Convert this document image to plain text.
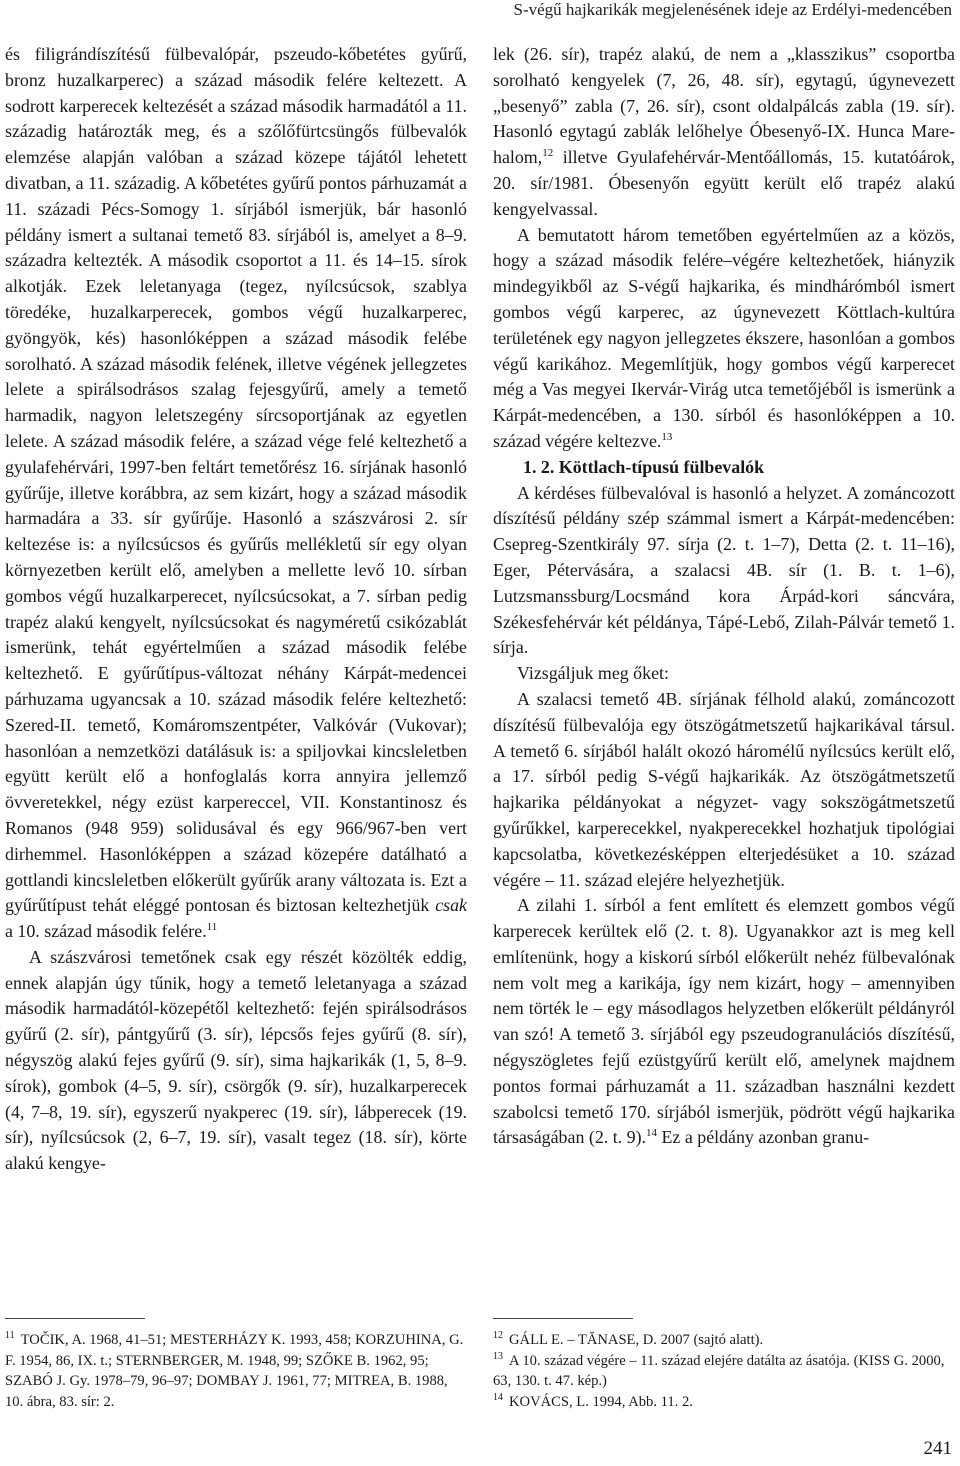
S-végű hajkarikák megjelenésének ideje az Erdélyi-medencében

és filigrándíszítésű fülbevalópár, pszeudo-kőbetétes gyűrű, bronz huzalkarperec) a század második felére keltezett. A sodrott karperecek keltezését a század második harmadától a 11. századig határozták meg, és a szőlőfürtcsüngős fülbevalók elemzése alapján valóban a század közepe tájától lehetett divatban, a 11. századig. A kőbetétes gyűrű pontos párhuzamát a 11. századi Pécs-Somogy 1. sírjából ismerjük, bár hasonló példány ismert a sultanai temető 83. sírjából is, amelyet a 8–9. századra keltezték. A második csoportot a 11. és 14–15. sírok alkotják. Ezek leletanyaga (tegez, nyílcsúcsok, szablya töredéke, huzalkarperecek, gombos végű huzalkarperec, gyöngyök, kés) hasonlóképpen a század második felébe sorolható. A század második felének, illetve végének jellegzetes lelete a spirálsodrásos szalag fejesgyűrű, amely a temető harmadik, nagyon leletszegény sírcsoportjának az egyetlen lelete. A század második felére, a század vége felé keltezhető a gyulafehérvári, 1997-ben feltárt temetőrész 16. sírjának hasonló gyűrűje, illetve korábbra, az sem kizárt, hogy a század második harmadára a 33. sír gyűrűje. Hasonló a szászvárosi 2. sír keltezése is: a nyílcsúcsos és gyűrűs mellékletű sír egy olyan környezetben került elő, amelyben a mellette levő 10. sírban gombos végű huzalkarperecet, nyílcsúcsokat, a 7. sírban pedig trapéz alakú kengyelt, nyílcsúcsokat és nagyméretű csikózablát ismerünk, tehát egyértelműen a század második felébe keltezhető. E gyűrűtípus-változat néhány Kárpát-medencei párhuzama ugyancsak a 10. század második felére keltezhető: Szered-II. temető, Komáromszentpéter, Valkóvár (Vukovar); hasonlóan a nemzetközi datálásuk is: a spiljovkai kincsleletben együtt került elő a honfoglalás korra annyira jellemző övveretekkel, négy ezüst karpereccel, VII. Konstantinosz és Romanos (948 959) solidusával és egy 966/967-ben vert dirhemmel. Hasonlóképpen a század közepére datálható a gottlandi kincsleletben előkerült gyűrűk arany változata is. Ezt a gyűrűtípust tehát eléggé pontosan és biztosan keltezhetjük csak a 10. század második felére.$^{11}$

A szászvárosi temetőnek csak egy részét közölték eddig, ennek alapján úgy tűnik, hogy a temető leletanyaga a század második harmadától-közepétől keltezhető: fején spirálsodrásos gyűrű (2. sír), pántgyűrű (3. sír), lépcsős fejes gyűrű (8. sír), négyszög alakú fejes gyűrű (9. sír), sima hajkarikák (1, 5, 8–9. sírok), gombok (4–5, 9. sír), csörgők (9. sír), huzalkarperecek (4, 7–8, 19. sír), egyszerű nyakperec (19. sír), lábperecek (19. sír), nyílcsúcsok (2, 6–7, 19. sír), vasalt tegez (18. sír), körte alakú kengye-

lek (26. sír), trapéz alakú, de nem a „klasszikus” csoportba sorolható kengyelek (7, 26, 48. sír), egytagú, úgynevezett „besenyő” zabla (7, 26. sír), csont oldalpálcás zabla (19. sír). Hasonló egytagú zablák lelőhelye Óbesenyő-IX. Hunca Mare-halom,$^{12}$ illetve Gyulafehérvár-Mentőállomás, 15. kutatóárok, 20. sír/1981. Óbesenyőn együtt került elő trapéz alakú kengyelvassal.

A bemutatott három temetőben egyértelműen az a közös, hogy a század második felére–végére keltezhetőek, hiányzik mindegyikből az S-végű hajkarika, és mindhárómból ismert gombos végű karperec, az úgynevezett Köttlach-kultúra területének egy nagyon jellegzetes ékszere, hasonlóan a gombos végű karikához. Megemlítjük, hogy gombos végű karperecet még a Vas megyei Ikervár-Virág utca temetőjéből is ismerünk a Kárpát-medencében, a 130. sírból és hasonlóképpen a 10. század végére keltezve.$^{13}$

1. 2. Köttlach-típusú fülbevalók

A kérdéses fülbevalóval is hasonló a helyzet. A zománcozott díszítésű példány szép számmal ismert a Kárpát-medencében: Csepreg-Szentkirály 97. sírja (2. t. 1–7), Detta (2. t. 11–16), Eger, Pétervására, a szalacsi 4B. sír (1. B. t. 1–6), Lutzsmanssburg/Locsmánd kora Árpád-kori sáncvára, Székesfehérvár két példánya, Tápé-Lebő, Zilah-Pálvár temető 1. sírja.

Vizsgáljuk meg őket:

A szalacsi temető 4B. sírjának félhold alakú, zománcozott díszítésű fülbevalója egy ötszögátmetszetű hajkarikával társul. A temető 6. sírjából halált okozó háromélű nyílcsúcs került elő, a 17. sírból pedig S-végű hajkarikák. Az ötszögátmetszetű hajkarika példányokat a négyzet- vagy sokszögátmetszetű gyűrűkkel, karperecekkel, nyakperecekkel hozhatjuk tipológiai kapcsolatba, következésképpen elterjedésüket a 10. század végére – 11. század elejére helyezhetjük.

A zilahi 1. sírból a fent említett és elemzett gombos végű karperecek kerültek elő (2. t. 8). Ugyanakkor azt is meg kell említenünk, hogy a kiskorú sírból előkerült nehéz fülbevalónak nem volt meg a karikája, így nem kizárt, hogy – amennyiben nem törték le – egy másodlagos helyzetben előkerült példányról van szó! A temető 3. sírjából egy pszeudogranulációs díszítésű, négyszögletes fejű ezüstgyűrű került elő, amelynek majdnem pontos formai párhuzamát a 11. században használni kezdett szabolcsi temető 170. sírjából ismerjük, pödrött végű hajkarika társaságában (2. t. 9).$^{14}$ Ez a példány azonban granu-

$^{11}$ TOČIK, A. 1968, 41–51; MESTERHÁZY K. 1993, 458; KORZUHINA, G. F. 1954, 86, IX. t.; STERNBERGER, M. 1948, 99; SZŐKE B. 1962, 95; SZABÓ J. Gy. 1978–79, 96–97; DOMBAY J. 1961, 77; MITREA, B. 1988, 10. ábra, 83. sír: 2.

$^{12}$ GÁLL E. – TĂNASE, D. 2007 (sajtó alatt).

$^{13}$ A 10. század végére – 11. század elejére datálta az ásatója. (KISS G. 2000, 63, 130. t. 47. kép.)

$^{14}$ KOVÁCS, L. 1994, Abb. 11. 2.

241
